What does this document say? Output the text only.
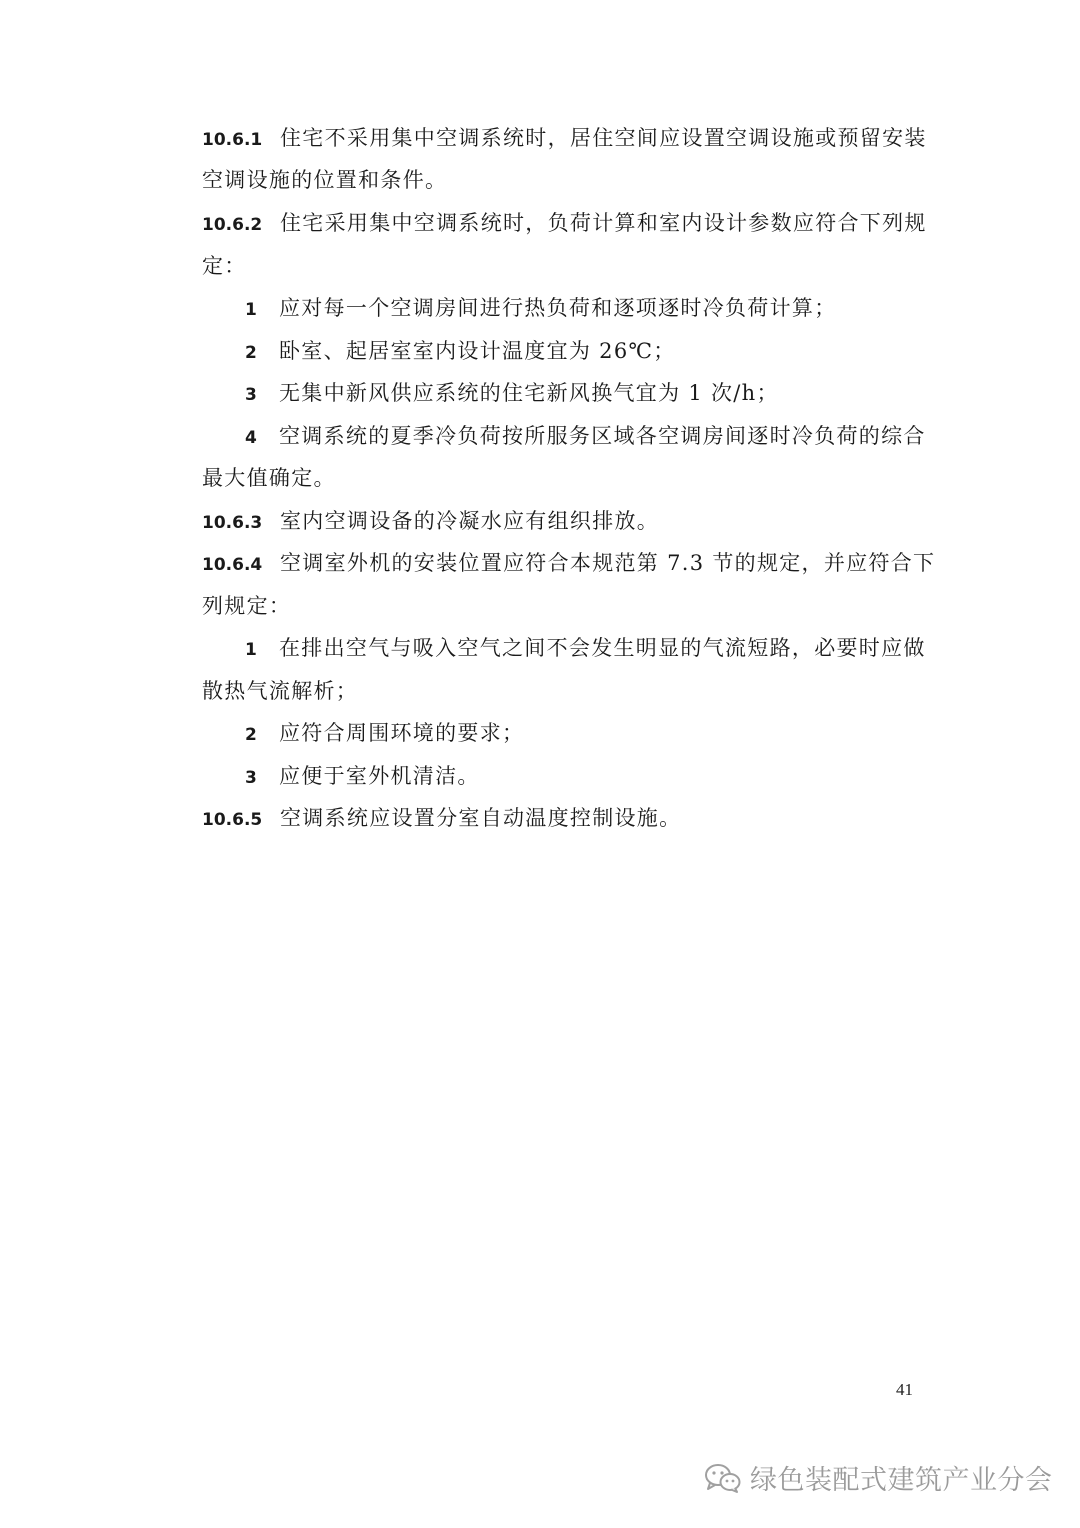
10.6.1 住宅不采用集中空调系统时，居住空间应设置空调设施或预留安装
空调设施的位置和条件。
10.6.2 住宅采用集中空调系统时，负荷计算和室内设计参数应符合下列规
定：
1 应对每一个空调房间进行热负荷和逐项逐时冷负荷计算；
2 卧室、起居室室内设计温度宜为 26℃；
3 无集中新风供应系统的住宅新风换气宜为 1 次/h；
4 空调系统的夏季冷负荷按所服务区域各空调房间逐时冷负荷的综合
最大值确定。
10.6.3 室内空调设备的冷凝水应有组织排放。
10.6.4 空调室外机的安装位置应符合本规范第 7.3 节的规定，并应符合下
列规定：
1 在排出空气与吸入空气之间不会发生明显的气流短路，必要时应做
散热气流解析；
2 应符合周围环境的要求；
3 应便于室外机清洁。
10.6.5 空调系统应设置分室自动温度控制设施。
41
绿色装配式建筑产业分会
